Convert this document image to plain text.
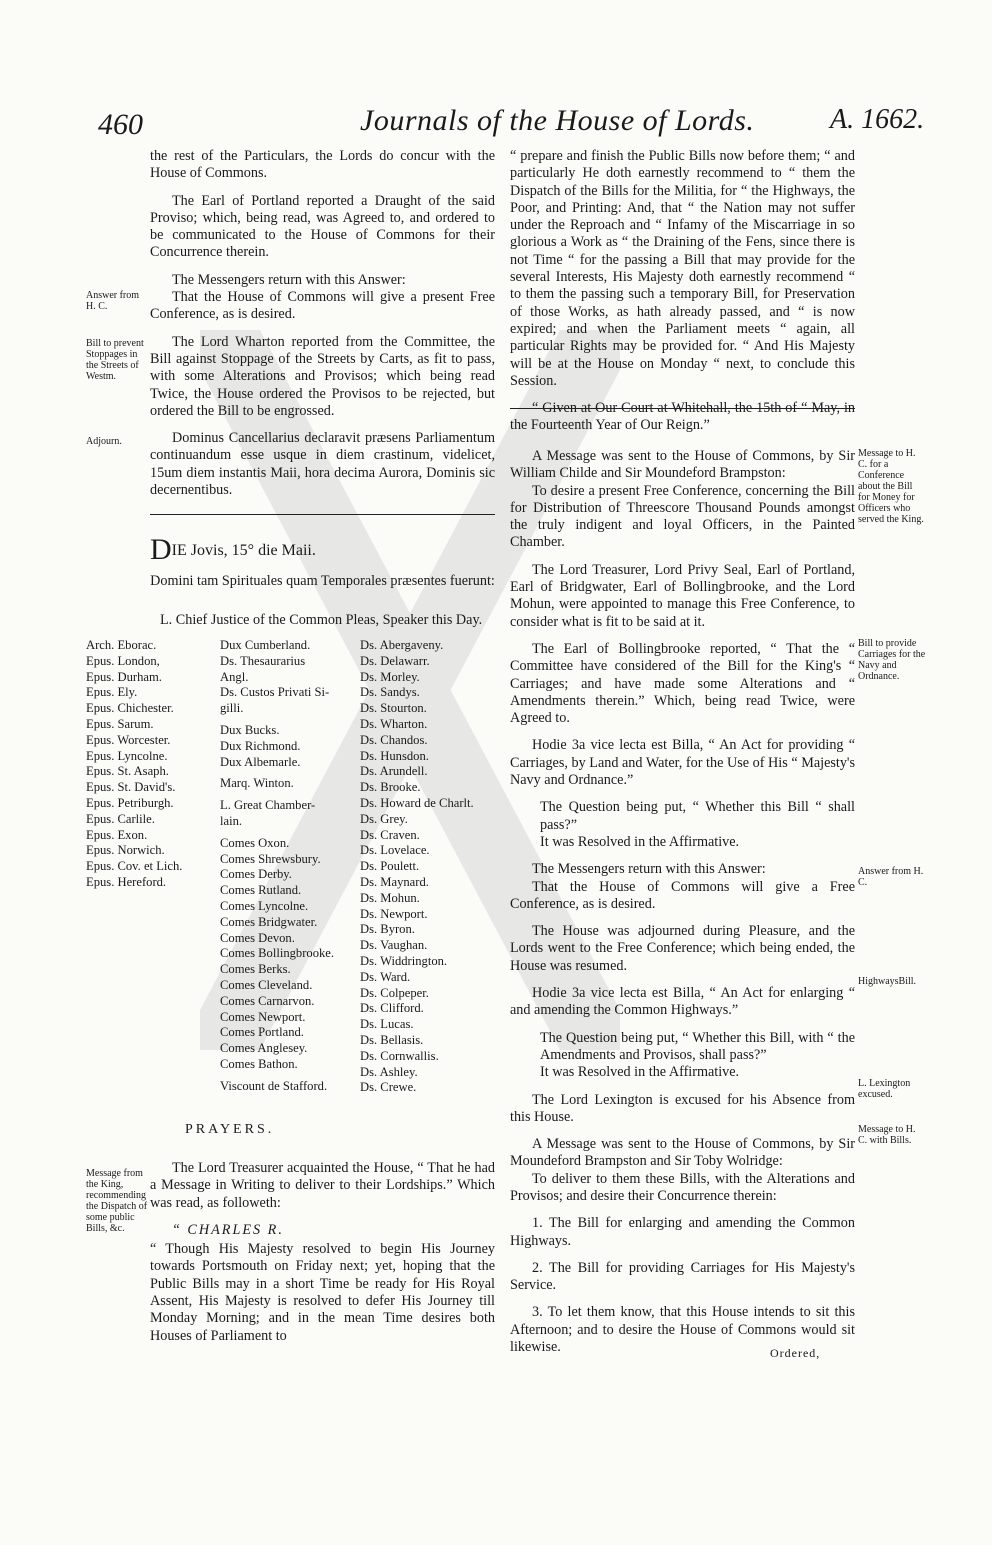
460	Journals of the House of Lords.	A. 1662.

the rest of the Particulars, the Lords do concur with the House of Commons.

The Earl of Portland reported a Draught of the said Proviso; which, being read, was Agreed to, and ordered to be communicated to the House of Commons for their Concurrence therein.

The Messengers return with this Answer:

That the House of Commons will give a present Free Conference, as is desired.

The Lord Wharton reported from the Committee, the Bill against Stoppage of the Streets by Carts, as fit to pass, with some Alterations and Provisos; which being read Twice, the House ordered the Provisos to be rejected, but ordered the Bill to be engrossed.

Dominus Cancellarius declaravit præsens Parliamentum continuandum esse usque in diem crastinum, videlicet, 15um diem instantis Maii, hora decima Aurora, Dominis sic decernentibus.

Answer from H. C.
Bill to prevent Stoppages in the Streets of Westm.
Adjourn.
DIE Jovis, 15° die Maii.
Domini tam Spirituales quam Temporales præsentes fuerunt:
L. Chief Justice of the Common Pleas, Speaker this Day.
Arch. Eborac.
Epus. London,
Epus. Durham.
Epus. Ely.
Epus. Chichester.
Epus. Sarum.
Epus. Worcester.
Epus. Lyncolne.
Epus. St. Asaph.
Epus. St. David's.
Epus. Petriburgh.
Epus. Carlile.
Epus. Exon.
Epus. Norwich.
Epus. Cov. et Lich.
Epus. Hereford.
Dux Cumberland.
Ds. Thesaurarius
Angl.
Ds. Custos Privati Si-
gilli.
Dux Bucks.
Dux Richmond.
Dux Albemarle.
Marq. Winton.
L. Great Chamber-
lain.
Comes Oxon.
Comes Shrewsbury.
Comes Derby.
Comes Rutland.
Comes Lyncolne.
Comes Bridgwater.
Comes Devon.
Comes Bollingbrooke.
Comes Berks.
Comes Cleveland.
Comes Carnarvon.
Comes Newport.
Comes Portland.
Comes Anglesey.
Comes Bathon.
Viscount de Stafford.
Ds. Abergaveny.
Ds. Delawarr.
Ds. Morley.
Ds. Sandys.
Ds. Stourton.
Ds. Wharton.
Ds. Chandos.
Ds. Hunsdon.
Ds. Arundell.
Ds. Brooke.
Ds. Howard de Charlt.
Ds. Grey.
Ds. Craven.
Ds. Lovelace.
Ds. Poulett.
Ds. Maynard.
Ds. Mohun.
Ds. Newport.
Ds. Byron.
Ds. Vaughan.
Ds. Widdrington.
Ds. Ward.
Ds. Colpeper.
Ds. Clifford.
Ds. Lucas.
Ds. Bellasis.
Ds. Cornwallis.
Ds. Ashley.
Ds. Crewe.
PRAYERS.
Message from the King, recommending the Dispatch of some public Bills, &c.

The Lord Treasurer acquainted the House, “ That he had a Message in Writing to deliver to their Lordships.” Which was read, as followeth:

“ CHARLES R.

“ Though His Majesty resolved to begin His Journey towards Portsmouth on Friday next; yet, hoping that the Public Bills may in a short Time be ready for His Royal Assent, His Majesty is resolved to defer His Journey till Monday Morning; and in the mean Time desires both Houses of Parliament to

“ prepare and finish the Public Bills now before them; “ and particularly He doth earnestly recommend to “ them the Dispatch of the Bills for the Militia, for “ the Highways, the Poor, and Printing: And, that “ the Nation may not suffer under the Reproach and “ Infamy of the Miscarriage in so glorious a Work as “ the Draining of the Fens, since there is not Time “ for the passing a Bill that may provide for the several Interests, His Majesty doth earnestly recommend “ to them the passing such a temporary Bill, for Preservation of those Works, as hath already passed, and “ is now expired; and when the Parliament meets “ again, all particular Rights may be provided for. “ And His Majesty will be at the House on Monday “ next, to conclude this Session.

“ Given at Our Court at Whitehall, the 15th of “ May, in the Fourteenth Year of Our Reign.”

A Message was sent to the House of Commons, by Sir William Childe and Sir Moundeford Brampston:

To desire a present Free Conference, concerning the Bill for Distribution of Threescore Thousand Pounds amongst the truly indigent and loyal Officers, in the Painted Chamber.

The Lord Treasurer, Lord Privy Seal, Earl of Portland, Earl of Bridgwater, Earl of Bollingbrooke, and the Lord Mohun, were appointed to manage this Free Conference, to consider what is fit to be said at it.

The Earl of Bollingbrooke reported, “ That the “ Committee have considered of the Bill for the King's “ Carriages; and have made some Alterations and “ Amendments therein.” Which, being read Twice, were Agreed to.

Hodie 3a vice lecta est Billa, “ An Act for providing “ Carriages, by Land and Water, for the Use of His “ Majesty's Navy and Ordnance.”

The Question being put, “ Whether this Bill “ shall pass?”

It was Resolved in the Affirmative.

The Messengers return with this Answer:

That the House of Commons will give a Free Conference, as is desired.

The House was adjourned during Pleasure, and the Lords went to the Free Conference; which being ended, the House was resumed.

Hodie 3a vice lecta est Billa, “ An Act for enlarging “ and amending the Common Highways.”

The Question being put, “ Whether this Bill, with “ the Amendments and Provisos, shall pass?”

It was Resolved in the Affirmative.

The Lord Lexington is excused for his Absence from this House.

A Message was sent to the House of Commons, by Sir Moundeford Brampston and Sir Toby Wolridge:

To deliver to them these Bills, with the Alterations and Provisos; and desire their Concurrence therein:

1. The Bill for enlarging and amending the Common Highways.

2. The Bill for providing Carriages for His Majesty's Service.

3. To let them know, that this House intends to sit this Afternoon; and to desire the House of Commons would sit likewise.	Ordered,
Message to H. C. for a Conference about the Bill for Money for Officers who served the King.
Bill to provide Carriages for the Navy and Ordnance.
Answer from H. C.
HighwaysBill.
L. Lexington excused.
Message to H. C. with Bills.
